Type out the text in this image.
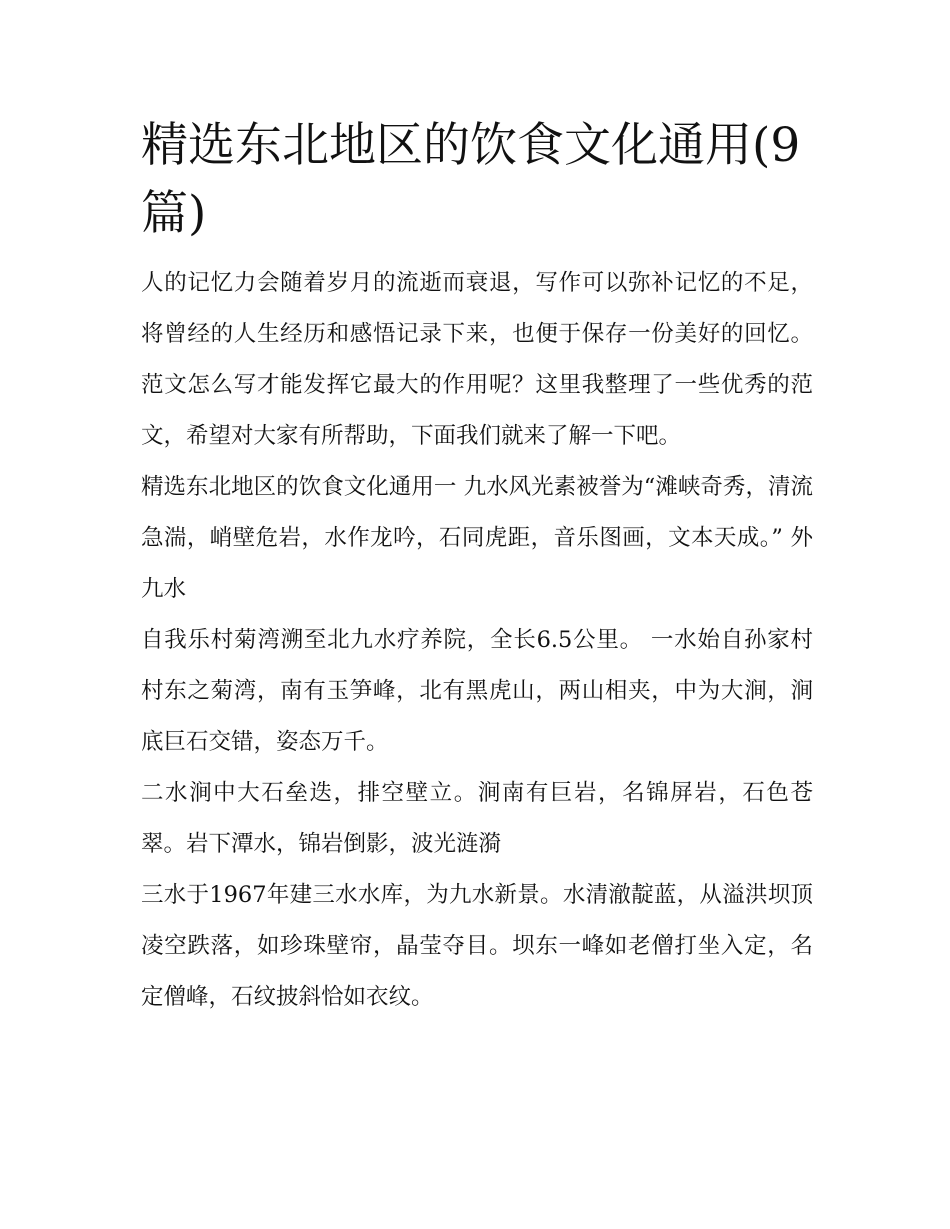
精选东北地区的饮食文化通用(9篇)

人的记忆力会随着岁月的流逝而衰退，写作可以弥补记忆的不足，将曾经的人生经历和感悟记录下来，也便于保存一份美好的回忆。范文怎么写才能发挥它最大的作用呢？这里我整理了一些优秀的范文，希望对大家有所帮助，下面我们就来了解一下吧。

精选东北地区的饮食文化通用一 九水风光素被誉为“滩峡奇秀，清流急湍，峭壁危岩，水作龙吟，石同虎距，音乐图画，文本天成。” 外九水

自我乐村菊湾溯至北九水疗养院，全长6.5公里。 一水始自孙家村村东之菊湾，南有玉笋峰，北有黑虎山，两山相夹，中为大涧，涧底巨石交错，姿态万千。

二水涧中大石垒迭，排空壁立。涧南有巨岩，名锦屏岩，石色苍翠。岩下潭水，锦岩倒影，波光涟漪

三水于1967年建三水水库，为九水新景。水清澈靛蓝，从溢洪坝顶凌空跌落，如珍珠壁帘，晶莹夺目。坝东一峰如老僧打坐入定，名定僧峰，石纹披斜恰如衣纹。
